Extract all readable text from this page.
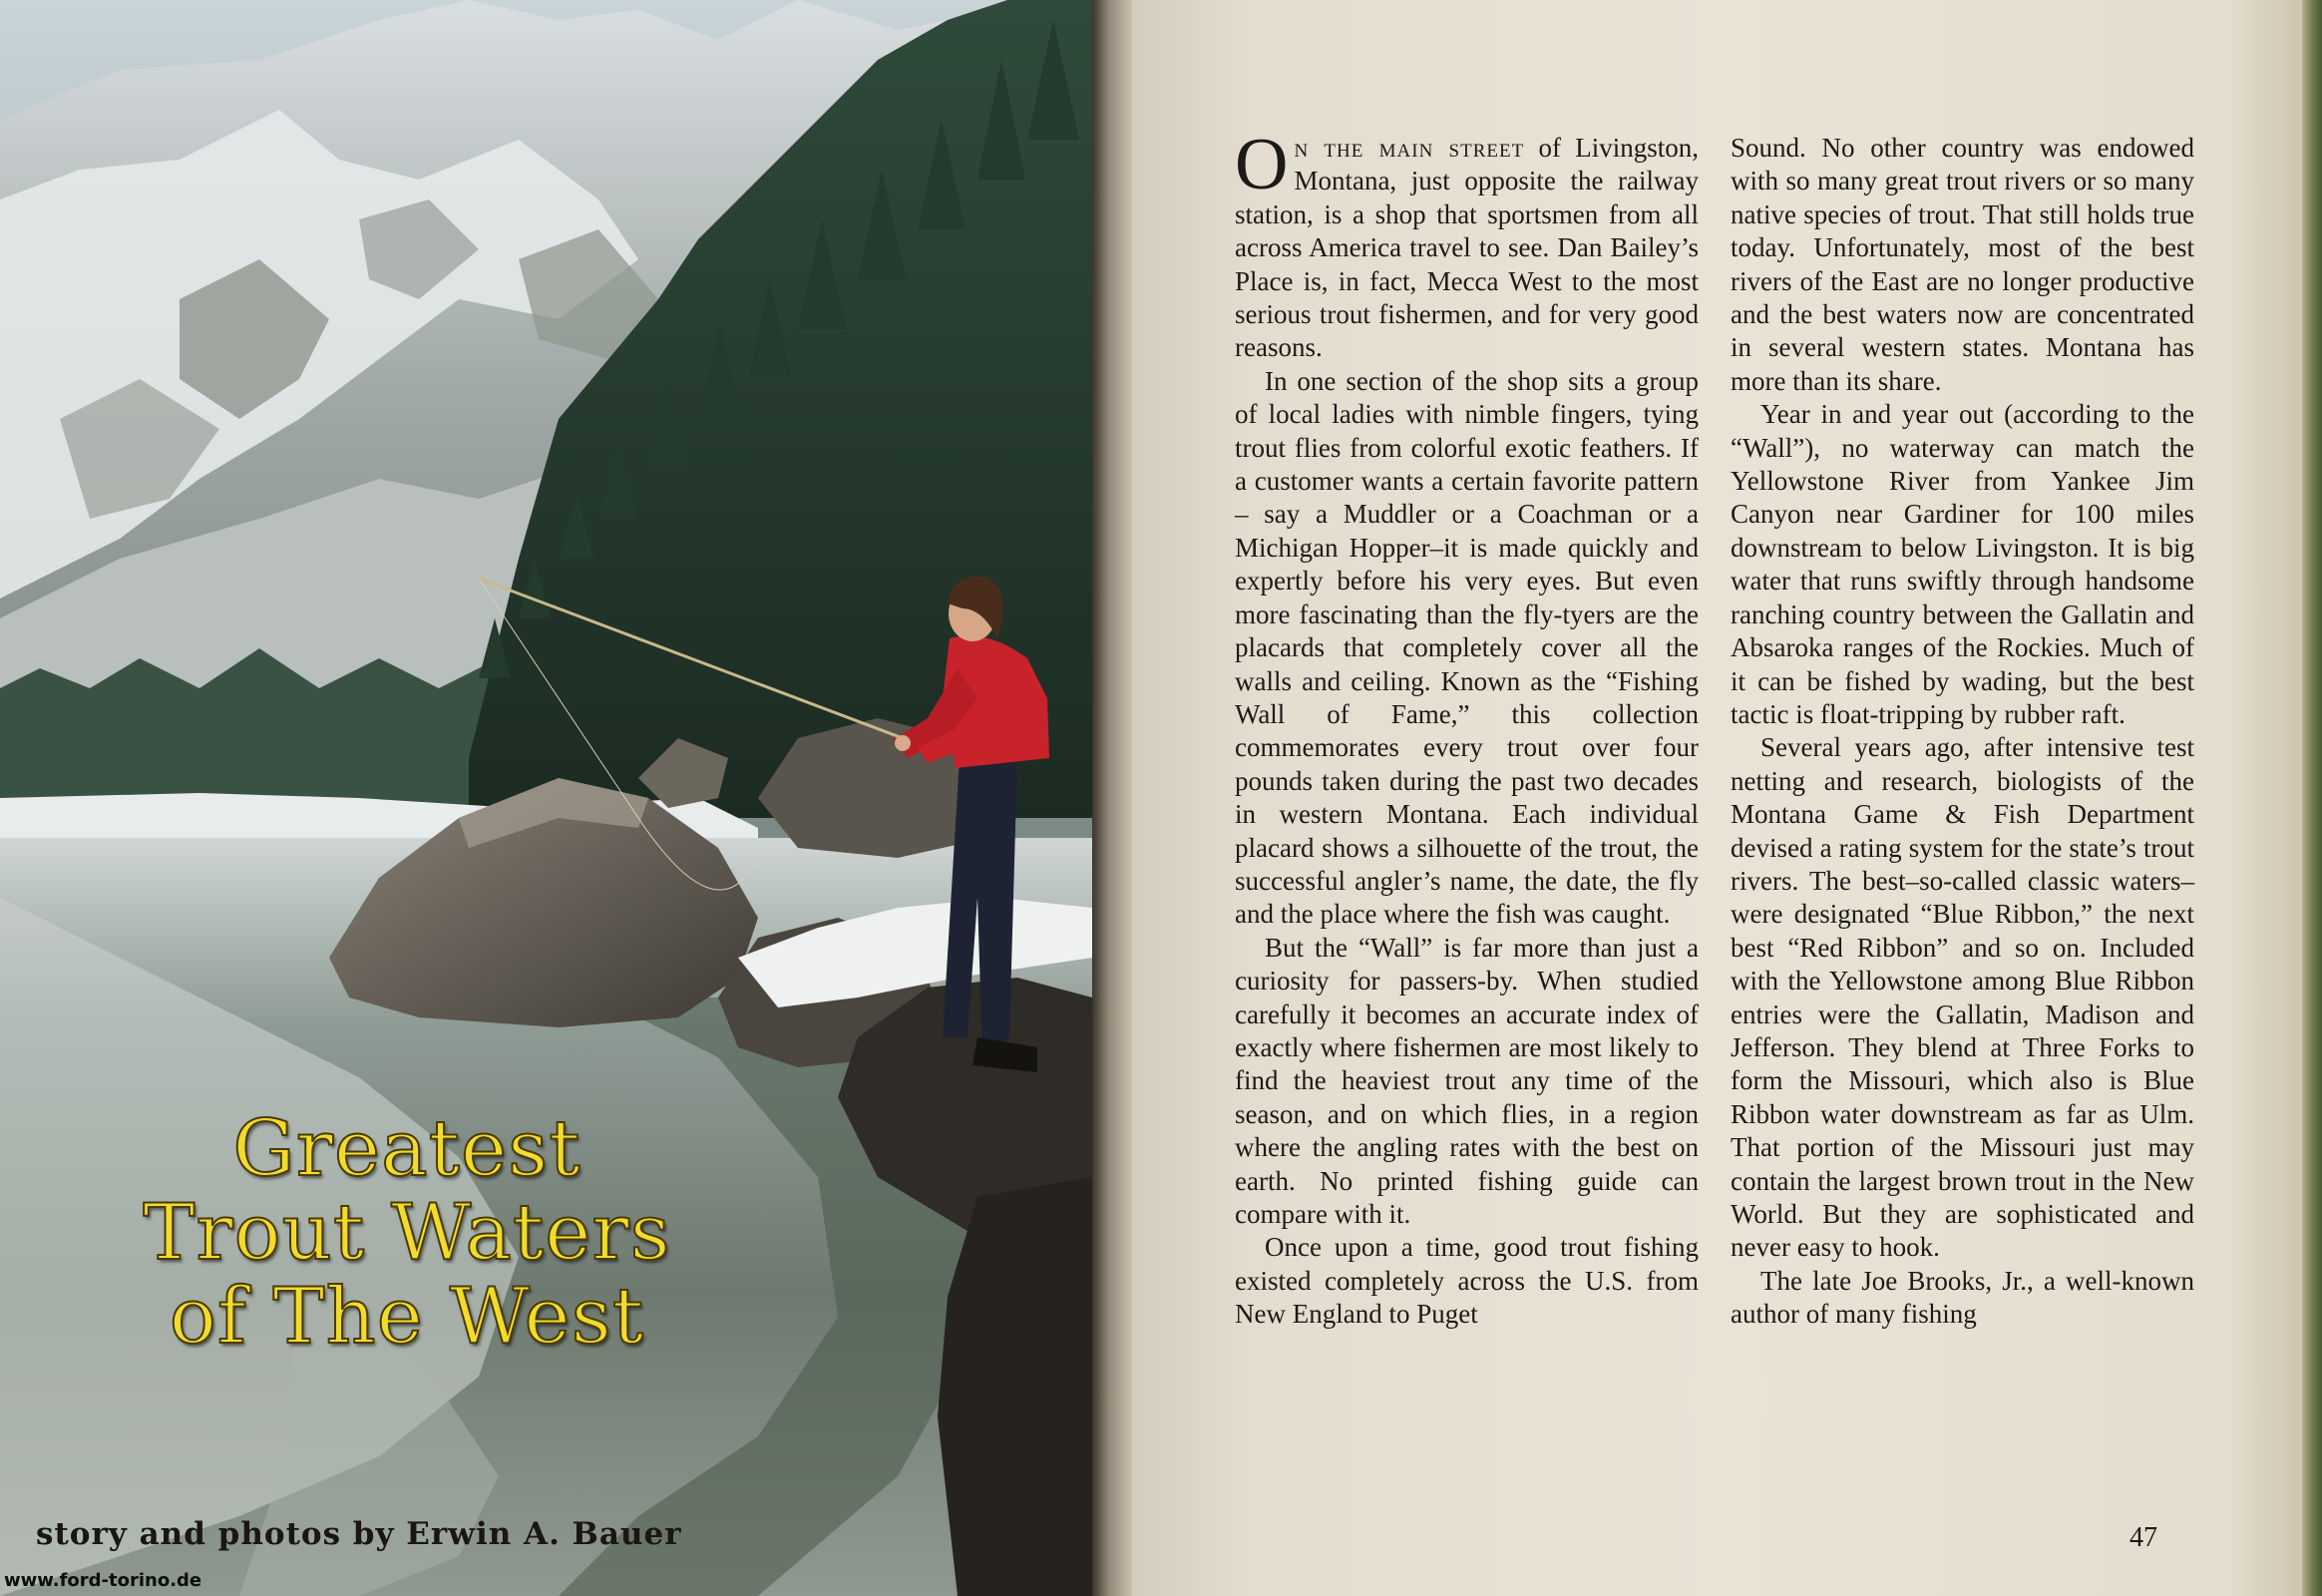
Greatest
Trout Waters
of The West
story and photos by Erwin A. Bauer
www.ford-torino.de

On the main street of Livingston, Montana, just opposite the railway station, is a shop that sportsmen from all across America travel to see. Dan Bailey’s Place is, in fact, Mecca West to the most serious trout fishermen, and for very good reasons.

In one section of the shop sits a group of local ladies with nimble fingers, tying trout flies from colorful exotic feathers. If a customer wants a certain favorite pattern – say a Muddler or a Coachman or a Michigan Hopper–it is made quickly and expertly before his very eyes. But even more fascinating than the fly-tyers are the placards that completely cover all the walls and ceiling. Known as the “Fishing Wall of Fame,” this collection commemorates every trout over four pounds taken during the past two decades in western Montana. Each individual placard shows a silhouette of the trout, the successful angler’s name, the date, the fly and the place where the fish was caught.

But the “Wall” is far more than just a curiosity for passers-by. When studied carefully it becomes an accurate index of exactly where fishermen are most likely to find the heaviest trout any time of the season, and on which flies, in a region where the angling rates with the best on earth. No printed fishing guide can compare with it.

Once upon a time, good trout fishing existed completely across the U.S. from New England to Puget

Sound. No other country was endowed with so many great trout rivers or so many native species of trout. That still holds true today. Unfortunately, most of the best rivers of the East are no longer productive and the best waters now are concentrated in several western states. Montana has more than its share.

Year in and year out (according to the “Wall”), no waterway can match the Yellowstone River from Yankee Jim Canyon near Gardiner for 100 miles downstream to below Livingston. It is big water that runs swiftly through handsome ranching country between the Gallatin and Absaroka ranges of the Rockies. Much of it can be fished by wading, but the best tactic is float-tripping by rubber raft.

Several years ago, after intensive test netting and research, biologists of the Montana Game & Fish Department devised a rating system for the state’s trout rivers. The best–so-called classic waters–were designated “Blue Ribbon,” the next best “Red Ribbon” and so on. Included with the Yellowstone among Blue Ribbon entries were the Gallatin, Madison and Jefferson. They blend at Three Forks to form the Missouri, which also is Blue Ribbon water downstream as far as Ulm. That portion of the Missouri just may contain the largest brown trout in the New World. But they are sophisticated and never easy to hook.

The late Joe Brooks, Jr., a well-known author of many fishing

47
